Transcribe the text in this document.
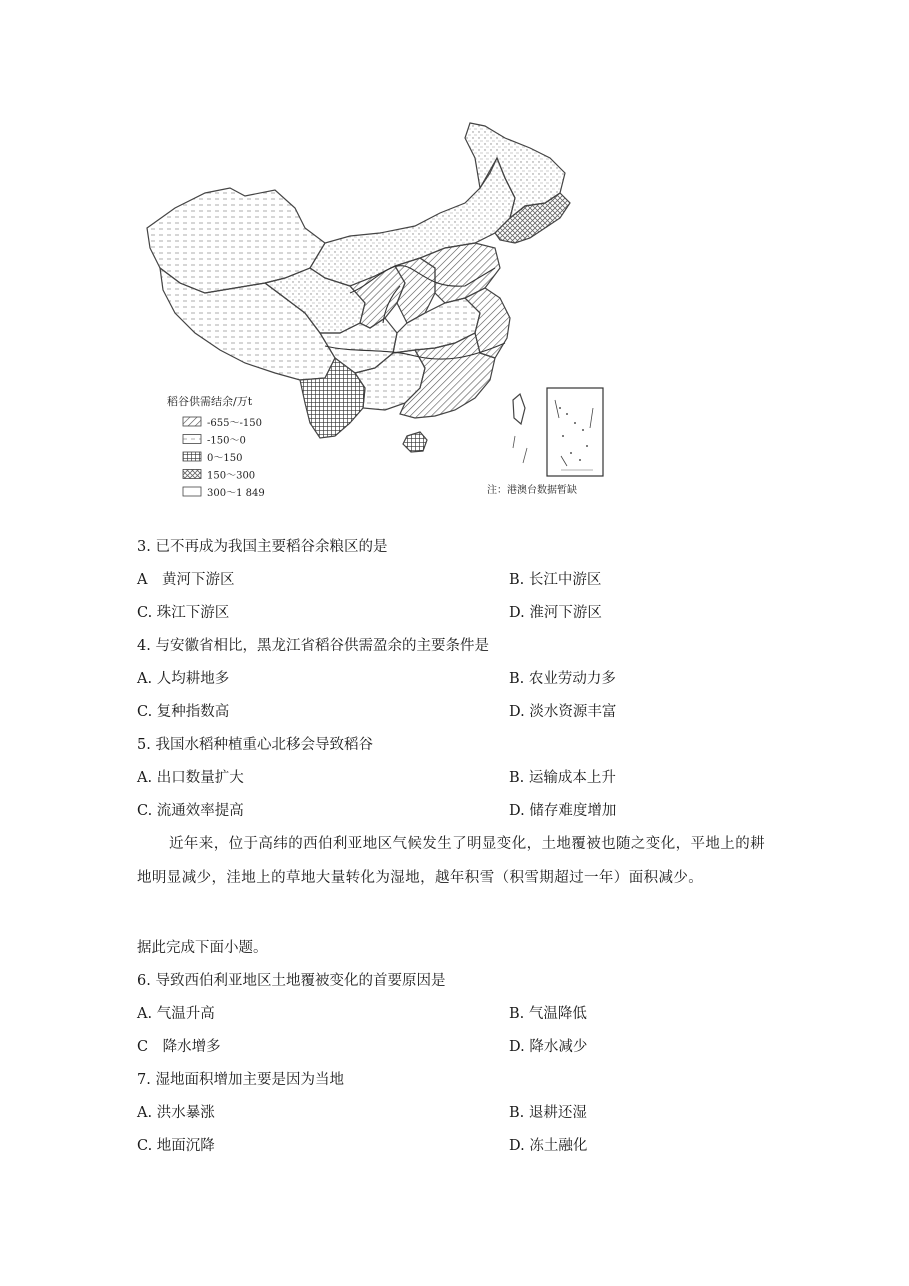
稻谷供需结余/万t
-655～-150
-150～0
0～150
150～300
300～1 849	注：港澳台数据暂缺
3. 已不再成为我国主要稻谷余粮区的是
A　黄河下游区	B. 长江中游区
C. 珠江下游区	D. 淮河下游区
4. 与安徽省相比，黑龙江省稻谷供需盈余的主要条件是
A. 人均耕地多	B. 农业劳动力多
C. 复种指数高	D. 淡水资源丰富
5. 我国水稻种植重心北移会导致稻谷
A. 出口数量扩大	B. 运输成本上升
C. 流通效率提高	D. 储存难度增加
近年来，位于高纬的西伯利亚地区气候发生了明显变化，土地覆被也随之变化，平地上的耕地明显减少，洼地上的草地大量转化为湿地，越年积雪（积雪期超过一年）面积减少。
据此完成下面小题。
6. 导致西伯利亚地区土地覆被变化的首要原因是
A. 气温升高	B. 气温降低
C　降水增多	D. 降水减少
7. 湿地面积增加主要是因为当地
A. 洪水暴涨	B. 退耕还湿
C. 地面沉降	D. 冻土融化
